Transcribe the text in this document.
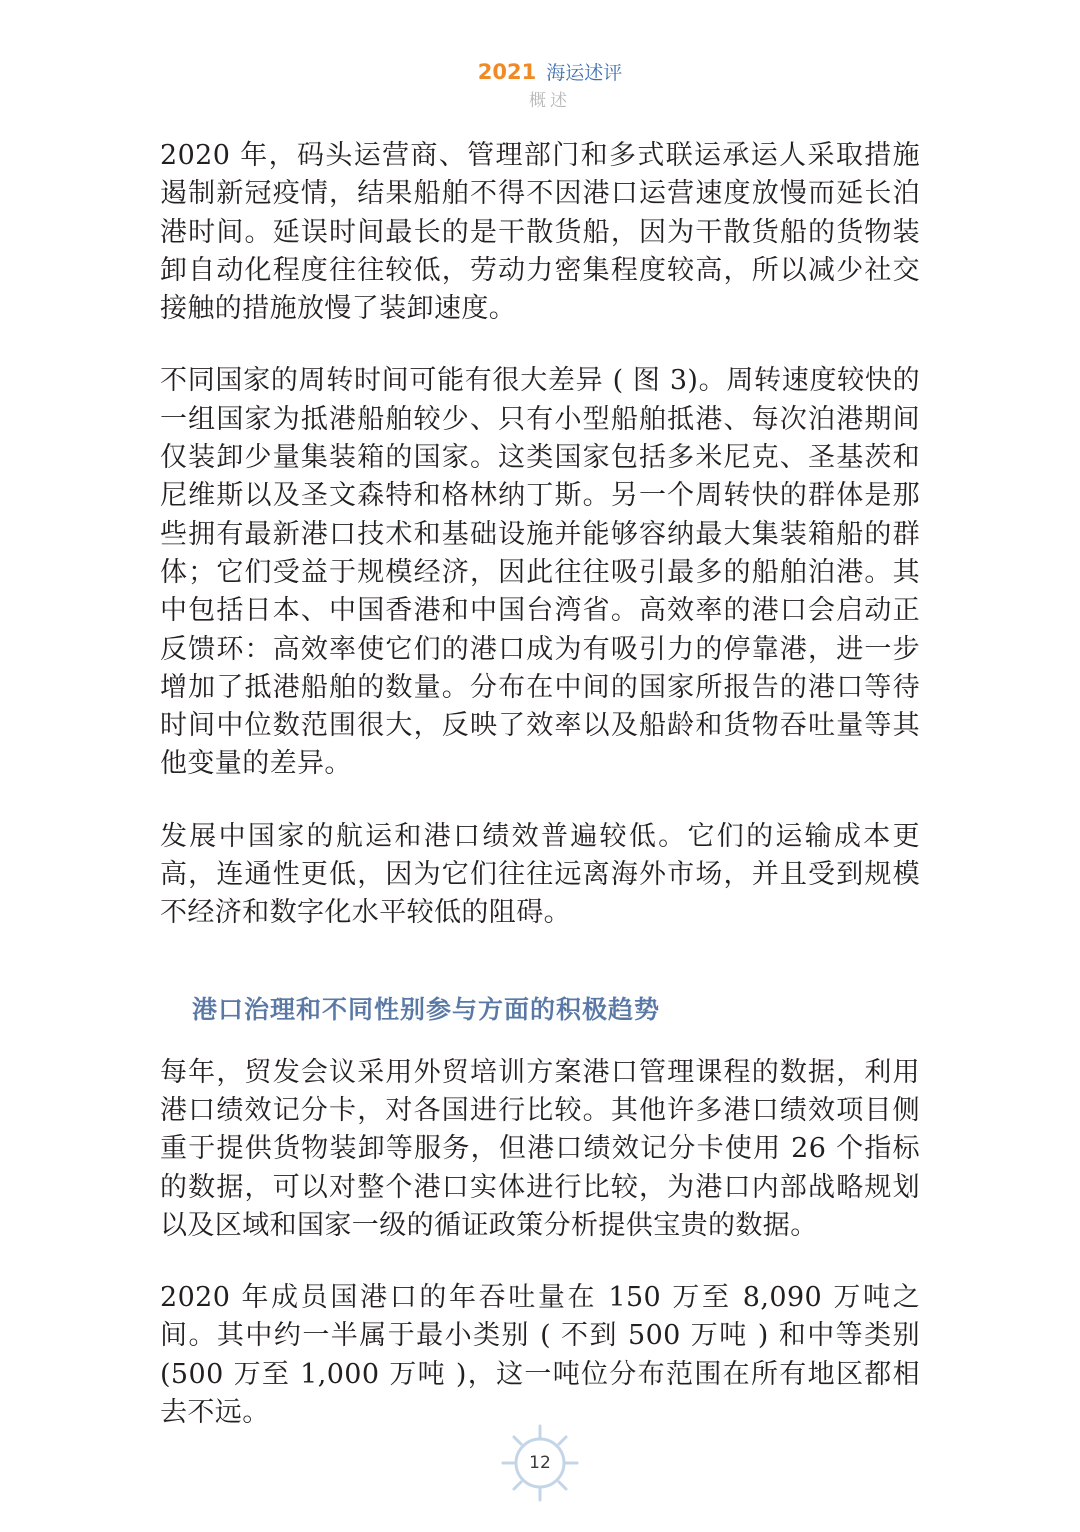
2021 海运述评
概述

2020 年，码头运营商、管理部门和多式联运承运人采取措施遏制新冠疫情，结果船舶不得不因港口运营速度放慢而延长泊港时间。延误时间最长的是干散货船，因为干散货船的货物装卸自动化程度往往较低，劳动力密集程度较高，所以减少社交接触的措施放慢了装卸速度。

不同国家的周转时间可能有很大差异 ( 图 3)。周转速度较快的一组国家为抵港船舶较少、只有小型船舶抵港、每次泊港期间仅装卸少量集装箱的国家。这类国家包括多米尼克、圣基茨和尼维斯以及圣文森特和格林纳丁斯。另一个周转快的群体是那些拥有最新港口技术和基础设施并能够容纳最大集装箱船的群体；它们受益于规模经济，因此往往吸引最多的船舶泊港。其中包括日本、中国香港和中国台湾省。高效率的港口会启动正反馈环：高效率使它们的港口成为有吸引力的停靠港，进一步增加了抵港船舶的数量。分布在中间的国家所报告的港口等待时间中位数范围很大，反映了效率以及船龄和货物吞吐量等其他变量的差异。

发展中国家的航运和港口绩效普遍较低。它们的运输成本更高，连通性更低，因为它们往往远离海外市场，并且受到规模不经济和数字化水平较低的阻碍。

港口治理和不同性别参与方面的积极趋势

每年，贸发会议采用外贸培训方案港口管理课程的数据，利用港口绩效记分卡，对各国进行比较。其他许多港口绩效项目侧重于提供货物装卸等服务，但港口绩效记分卡使用 26 个指标的数据，可以对整个港口实体进行比较，为港口内部战略规划以及区域和国家一级的循证政策分析提供宝贵的数据。

2020 年成员国港口的年吞吐量在 150 万至 8,090 万吨之间。其中约一半属于最小类别 ( 不到 500 万吨 ) 和中等类别 (500 万至 1,000 万吨 )，这一吨位分布范围在所有地区都相去不远。

12
